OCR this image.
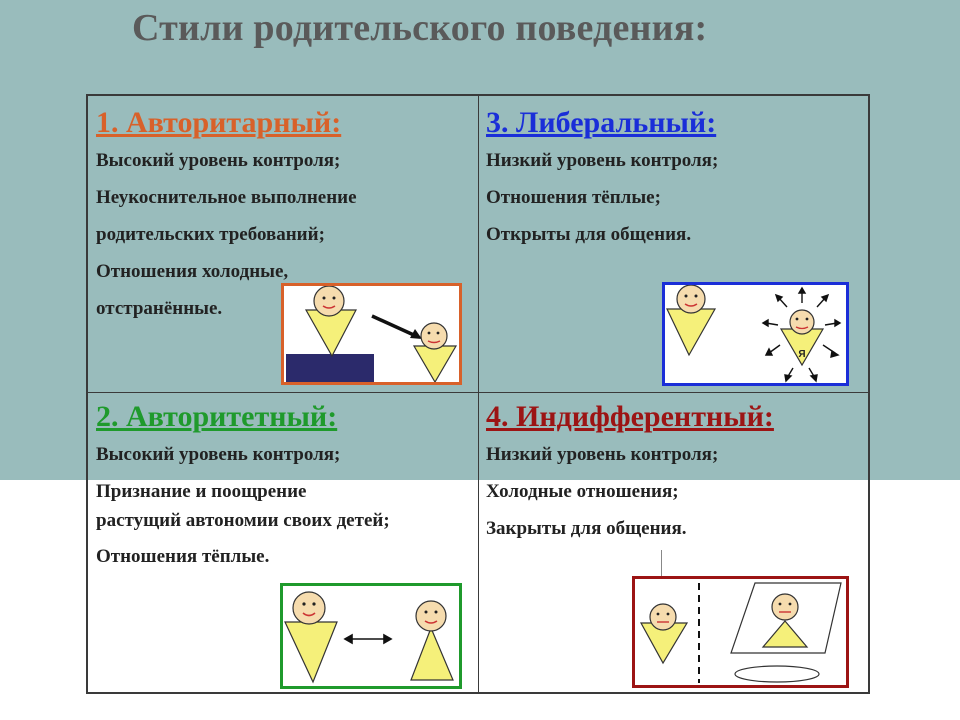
Стили родительского поведения:
1. Авторитарный:

Высокий уровень контроля;

Неукоснительное выполнение

родительских требований;

Отношения холодные,

отстранённые.

3. Либеральный:

Низкий уровень контроля;

Отношения тёплые;

Открыты для общения.

2. Авторитетный:

Высокий уровень контроля;

Признание и поощрение

растущий автономии своих детей;

Отношения тёплые.

4. Индифферентный:

Низкий уровень контроля;

Холодные отношения;

Закрыты для общения.

Я
